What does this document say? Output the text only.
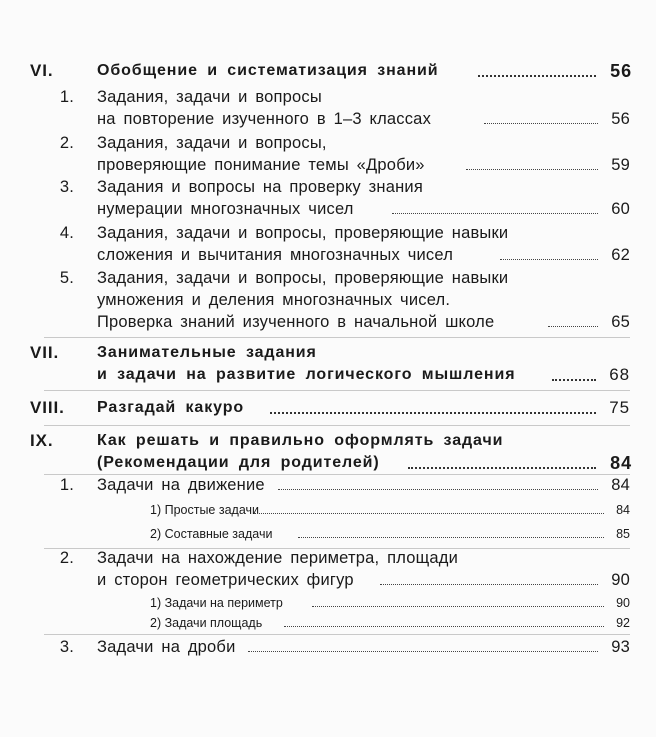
VI.	Обобщение и систематизация знаний	56
1. Задания, задачи и вопросы
на повторение изученного в 1–3 классах	56
2. Задания, задачи и вопросы,
проверяющие понимание темы «Дроби»	59
3. Задания и вопросы на проверку знания
нумерации многозначных чисел	60
4. Задания, задачи и вопросы, проверяющие навыки
сложения и вычитания многозначных чисел	62
5. Задания, задачи и вопросы, проверяющие навыки
умножения и деления многозначных чисел.
Проверка знаний изученного в начальной школе	65
VII.	Занимательные задания
и задачи на развитие логического мышления	68
VIII.	Разгадай какуро	75
IX.	Как решать и правильно оформлять задачи
(Рекомендации для родителей)	84
1. Задачи на движение	84
1) Простые задачи	84
2) Составные задачи	85
2. Задачи на нахождение периметра, площади
и сторон геометрических фигур	90
1) Задачи на периметр	90
2) Задачи площадь	92
3. Задачи на дроби	93
